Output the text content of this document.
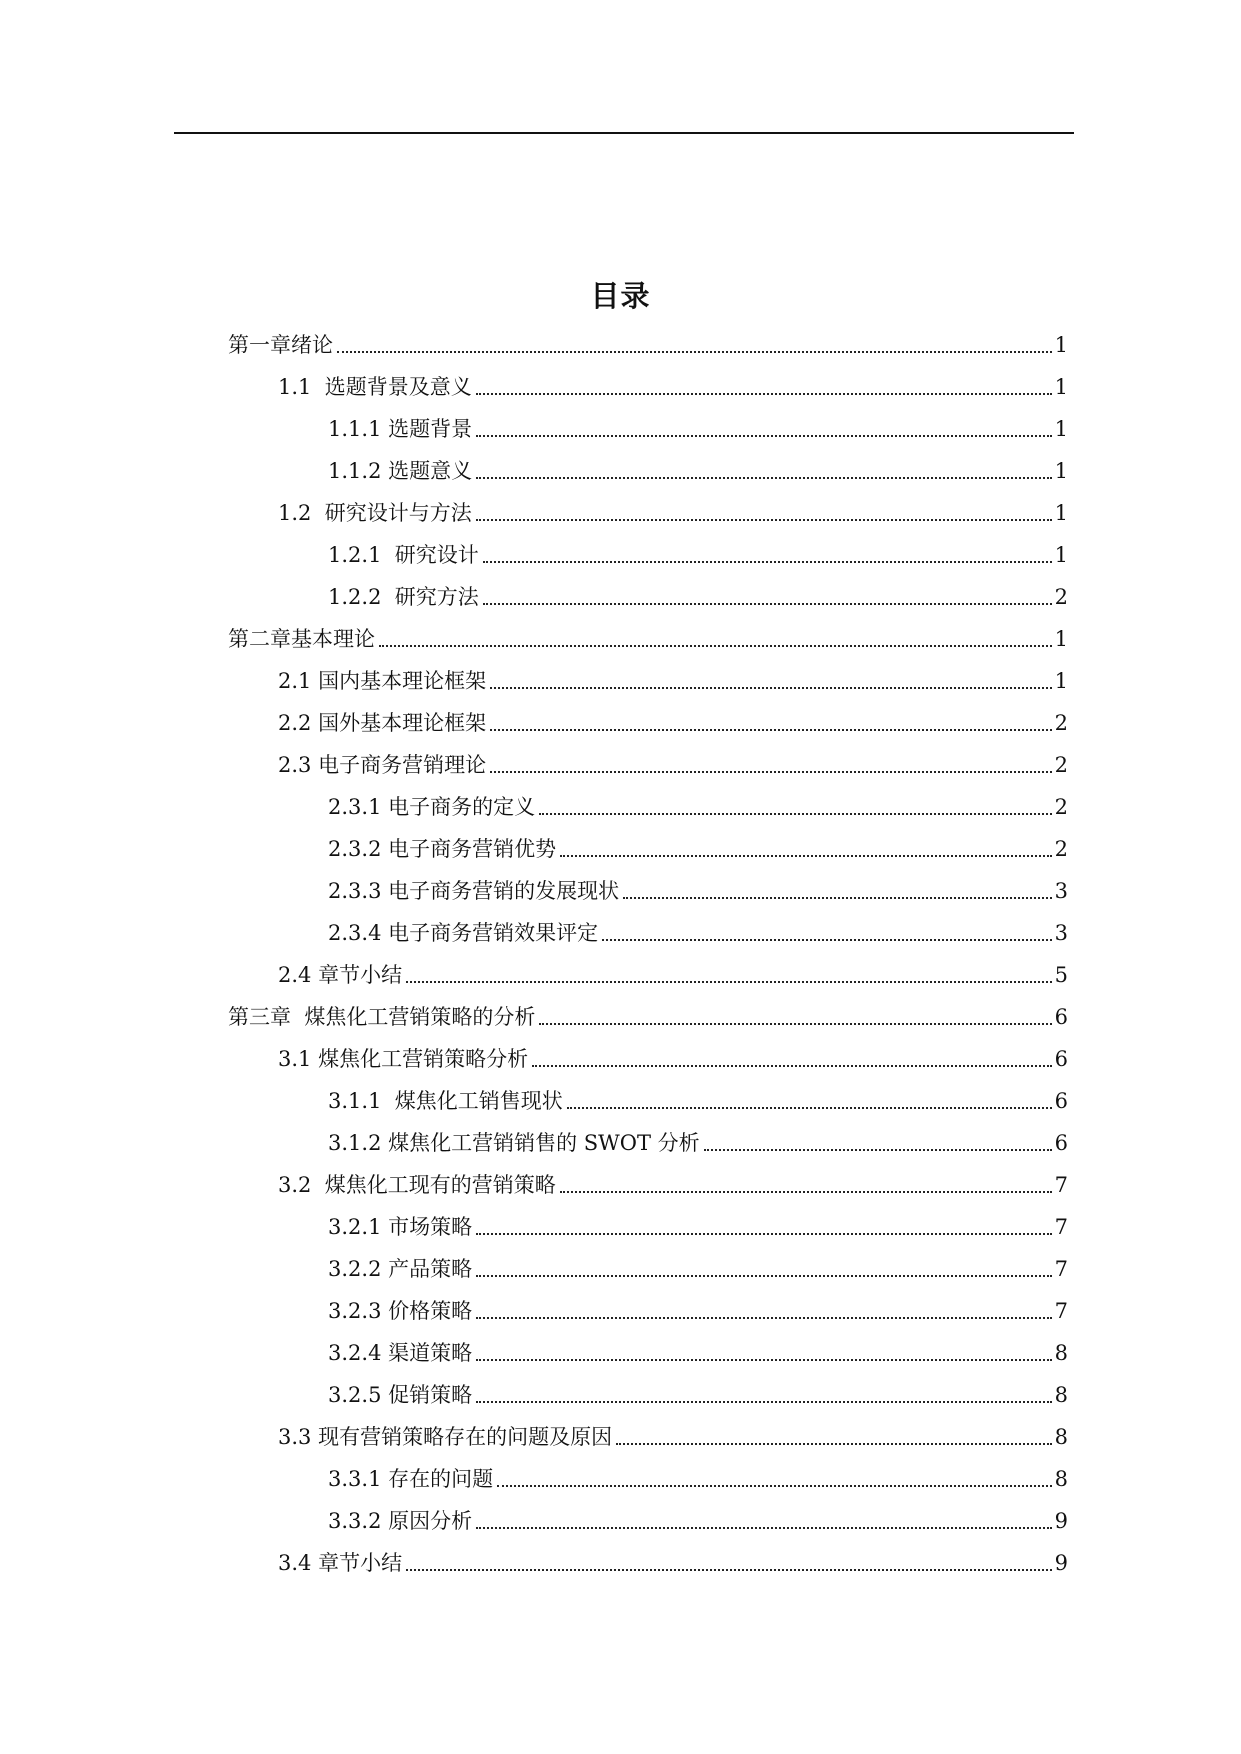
目录
第一章绪论	1
1.1  选题背景及意义	1
1.1.1 选题背景	1
1.1.2 选题意义	1
1.2  研究设计与方法	1
1.2.1  研究设计	1
1.2.2  研究方法	2
第二章基本理论	1
2.1 国内基本理论框架	1
2.2 国外基本理论框架	2
2.3 电子商务营销理论	2
2.3.1 电子商务的定义	2
2.3.2 电子商务营销优势	2
2.3.3 电子商务营销的发展现状	3
2.3.4 电子商务营销效果评定	3
2.4 章节小结	5
第三章  煤焦化工营销策略的分析	6
3.1 煤焦化工营销策略分析	6
3.1.1  煤焦化工销售现状	6
3.1.2 煤焦化工营销销售的 SWOT 分析	6
3.2  煤焦化工现有的营销策略	7
3.2.1 市场策略	7
3.2.2 产品策略	7
3.2.3 价格策略	7
3.2.4 渠道策略	8
3.2.5 促销策略	8
3.3 现有营销策略存在的问题及原因	8
3.3.1 存在的问题	8
3.3.2 原因分析	9
3.4 章节小结	9
